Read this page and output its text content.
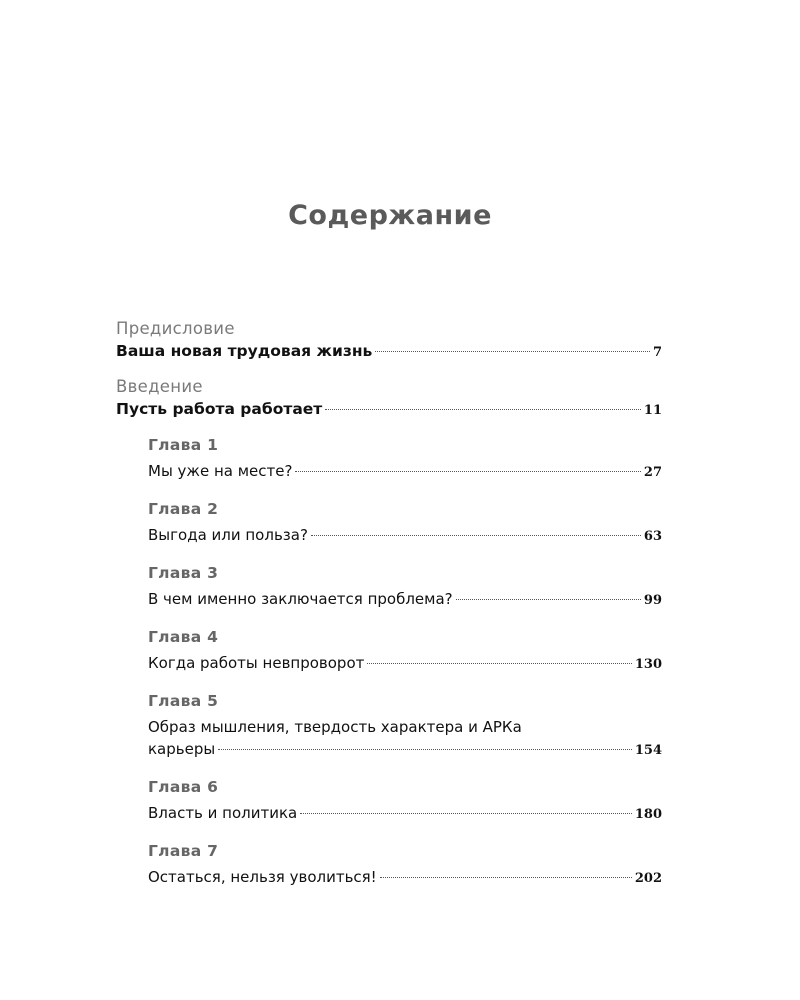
Содержание
Предисловие
Ваша новая трудовая жизнь	7
Введение
Пусть работа работает	11
Глава 1
Мы уже на месте?	27
Глава 2
Выгода или польза?	63
Глава 3
В чем именно заключается проблема?	99
Глава 4
Когда работы невпроворот	130
Глава 5
Образ мышления, твердость характера и АРКа
карьеры	154
Глава 6
Власть и политика	180
Глава 7
Остаться, нельзя уволиться!	202
